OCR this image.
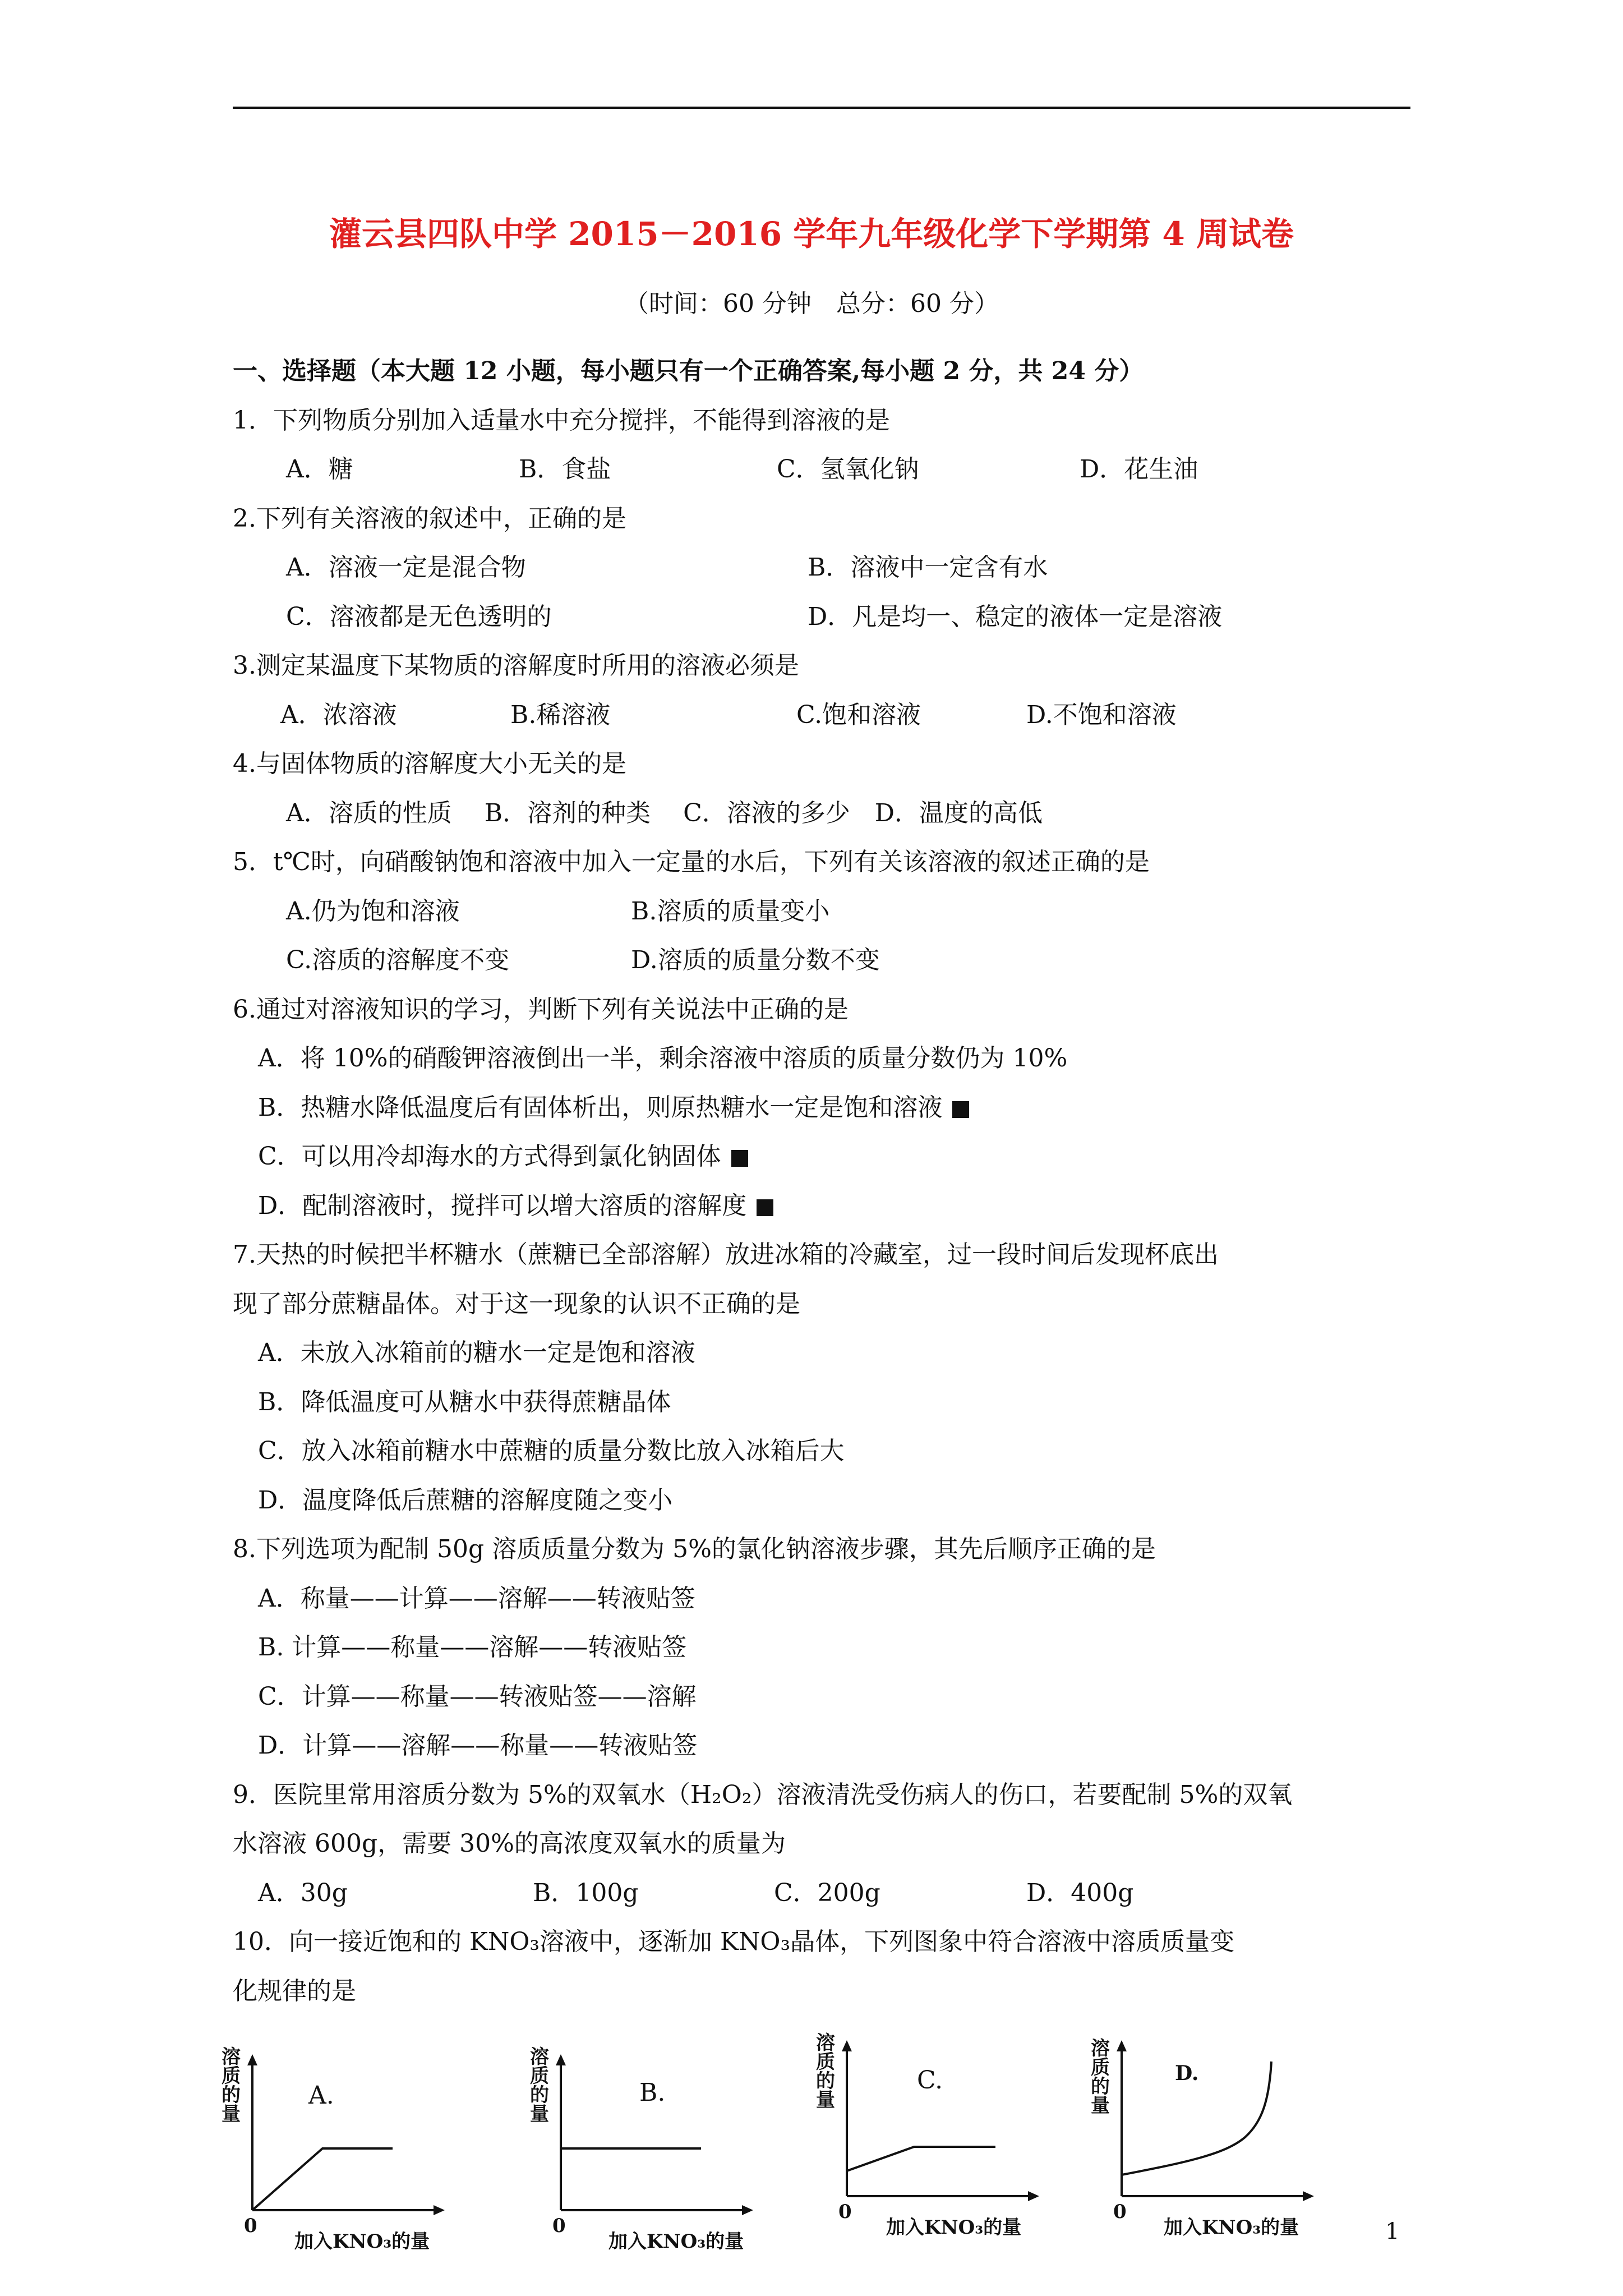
灌云县四队中学 2015－2016 学年九年级化学下学期第 4 周试卷
（时间：60 分钟　总分：60 分）
一、选择题（本大题 12 小题，每小题只有一个正确答案,每小题 2 分，共 24 分）
1．下列物质分别加入适量水中充分搅拌，不能得到溶液的是
A．糖	B．食盐	C．氢氧化钠	D．花生油
2.下列有关溶液的叙述中，正确的是
A．溶液一定是混合物	B．溶液中一定含有水
C．溶液都是无色透明的	D．凡是均一、稳定的液体一定是溶液
3.测定某温度下某物质的溶解度时所用的溶液必须是
A．浓溶液	B.稀溶液	C.饱和溶液	D.不饱和溶液
4.与固体物质的溶解度大小无关的是
A．溶质的性质　 B．溶剂的种类　 C．溶液的多少　D．温度的高低
5．t℃时，向硝酸钠饱和溶液中加入一定量的水后，下列有关该溶液的叙述正确的是
A.仍为饱和溶液	B.溶质的质量变小
C.溶质的溶解度不变	D.溶质的质量分数不变
6.通过对溶液知识的学习，判断下列有关说法中正确的是
A．将 10%的硝酸钾溶液倒出一半，剩余溶液中溶质的质量分数仍为 10%
B．热糖水降低温度后有固体析出，则原热糖水一定是饱和溶液
C．可以用冷却海水的方式得到氯化钠固体
D．配制溶液时，搅拌可以增大溶质的溶解度
7.天热的时候把半杯糖水（蔗糖已全部溶解）放进冰箱的冷藏室，过一段时间后发现杯底出
现了部分蔗糖晶体。对于这一现象的认识不正确的是
A．未放入冰箱前的糖水一定是饱和溶液
B．降低温度可从糖水中获得蔗糖晶体
C．放入冰箱前糖水中蔗糖的质量分数比放入冰箱后大
D．温度降低后蔗糖的溶解度随之变小
8.下列选项为配制 50g 溶质质量分数为 5%的氯化钠溶液步骤，其先后顺序正确的是
A．称量——计算——溶解——转液贴签
B. 计算——称量——溶解——转液贴签
C．计算——称量——转液贴签——溶解
D．计算——溶解——称量——转液贴签
9．医院里常用溶质分数为 5%的双氧水（H₂O₂）溶液清洗受伤病人的伤口，若要配制 5%的双氧
水溶液 600g，需要 30%的高浓度双氧水的质量为
A．30g	B．100g	C．200g	D．400g
10．向一接近饱和的 KNO₃溶液中，逐渐加 KNO₃晶体，下列图象中符合溶液中溶质质量变
化规律的是
溶质的量
A.
0
加入KNO₃的量
溶质的量
B.
0
加入KNO₃的量
溶质的量
C.
0
加入KNO₃的量
溶质的量
D.
0
加入KNO₃的量	1
